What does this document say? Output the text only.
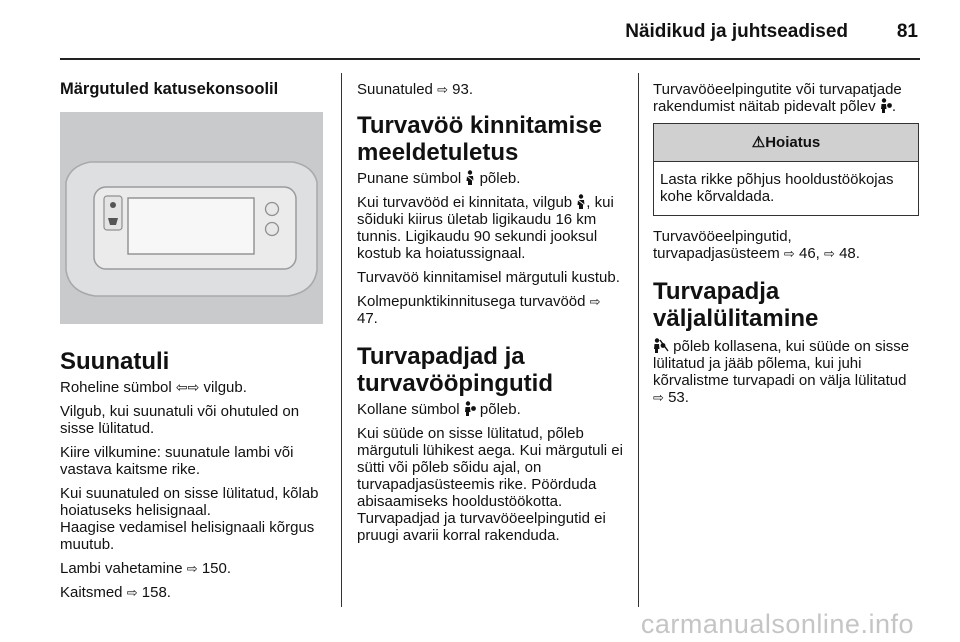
Näidikud ja juhtseadised	81
Märgutuled katusekonsoolil
Suunatuli

Roheline sümbol ⇦⇨ vilgub.

Vilgub, kui suunatuli või ohutuled on sisse lülitatud.

Kiire vilkumine: suunatule lambi või vastava kaitsme rike.

Kui suunatuled on sisse lülitatud, kõlab hoiatuseks helisignaal.

Haagise vedamisel helisignaali kõrgus muutub.

Lambi vahetamine ⇨ 150.

Kaitsmed ⇨ 158.

Suunatuled ⇨ 93.

Turvavöö kinnitamise meeldetuletus

Punane sümbol  põleb.

Kui turvavööd ei kinnitata, vilgub , kui sõiduki kiirus ületab ligikaudu 16 km tunnis. Ligikaudu 90 sekundi jooksul kostub ka hoiatussignaal.

Turvavöö kinnitamisel märgutuli kustub.

Kolmepunktikinnitusega turvavööd ⇨ 47.

Turvapadjad ja turvavööpingutid

Kollane sümbol  põleb.

Kui süüde on sisse lülitatud, põleb märgutuli lühikest aega. Kui märgutuli ei sütti või põleb sõidu ajal, on turvapadjasüsteemis rike. Pöörduda abisaamiseks hooldustöökotta.

Turvapadjad ja turvavööeelpingutid ei pruugi avarii korral rakenduda.

Turvavööeelpingutite või turvapatjade rakendumist näitab pidevalt põlev .

⚠Hoiatus
Lasta rikke põhjus hooldustöökojas kohe kõrvaldada.

Turvavööeelpingutid, turvapadjasüsteem ⇨ 46, ⇨ 48.

Turvapadja väljalülitamine

põleb kollasena, kui süüde on sisse lülitatud ja jääb põlema, kui juhi kõrvalistme turvapadi on välja lülitatud ⇨ 53.

carmanualsonline.info
